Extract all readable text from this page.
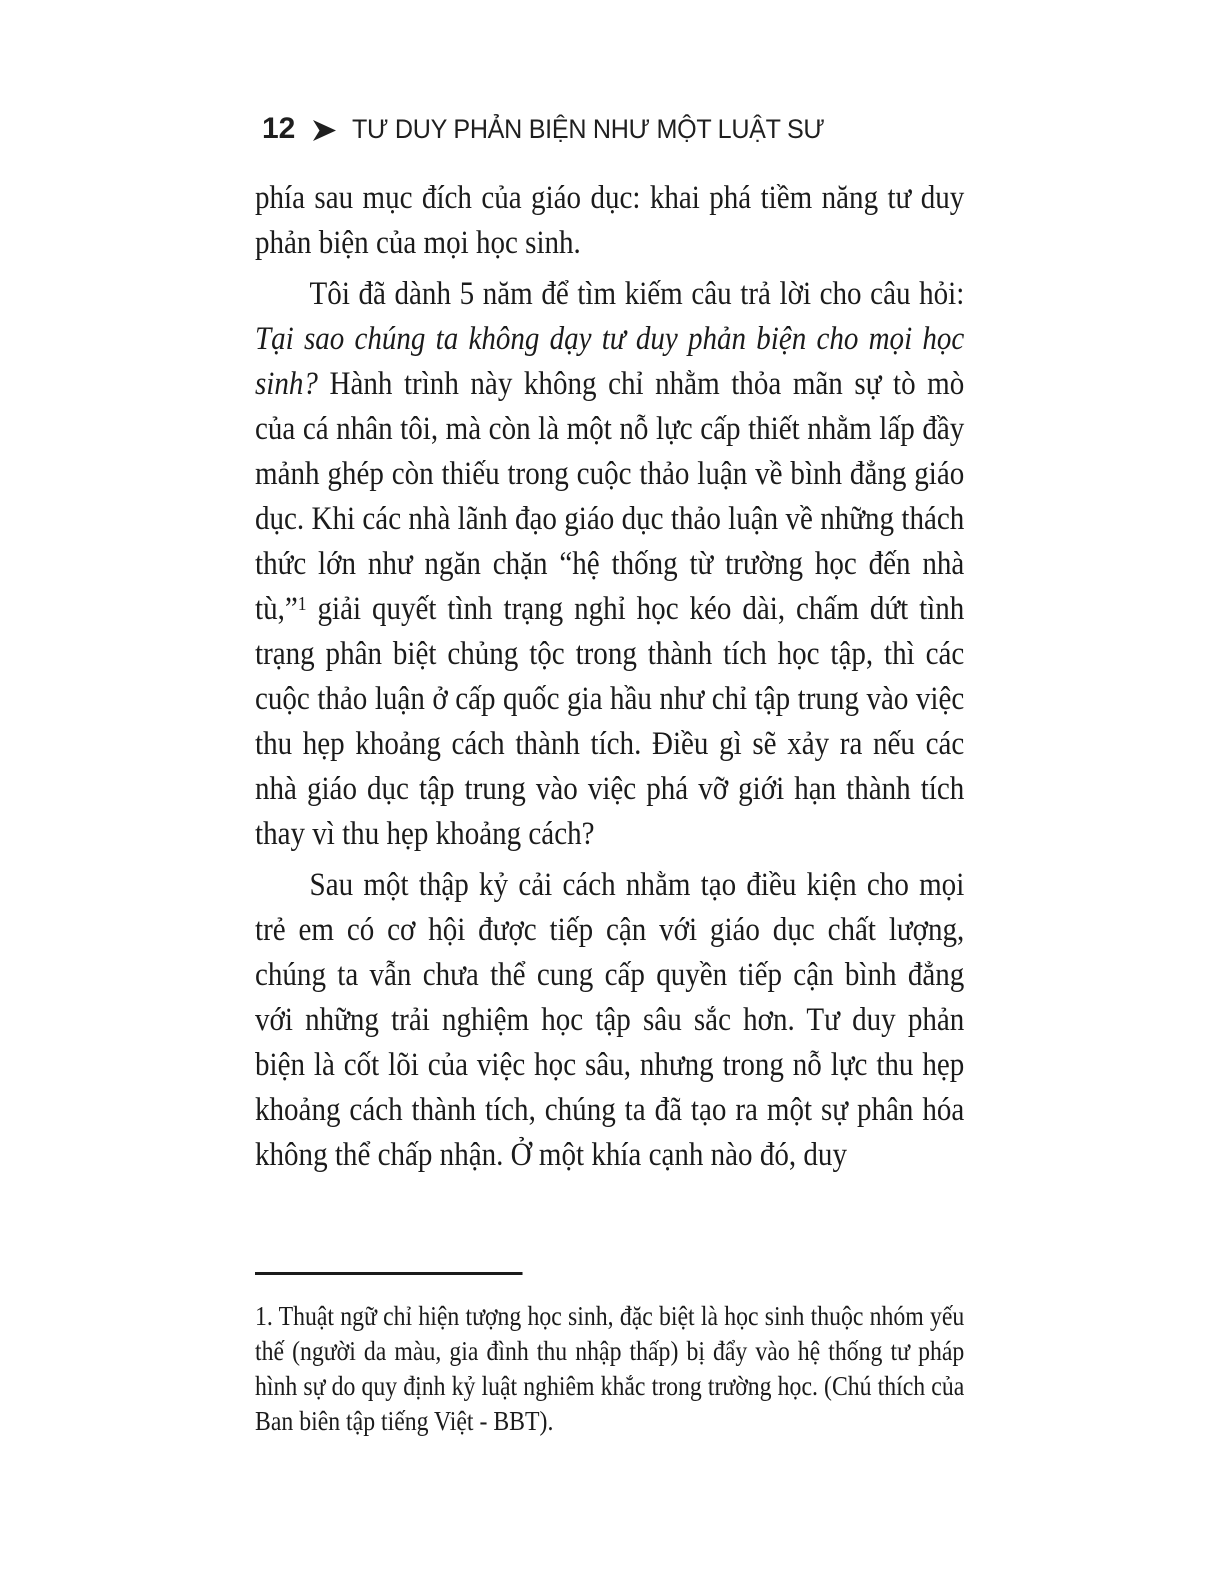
12 TƯ DUY PHẢN BIỆN NHƯ MỘT LUẬT SƯ

phía sau mục đích của giáo dục: khai phá tiềm năng tư duy phản biện của mọi học sinh.

Tôi đã dành 5 năm để tìm kiếm câu trả lời cho câu hỏi: Tại sao chúng ta không dạy tư duy phản biện cho mọi học sinh? Hành trình này không chỉ nhằm thỏa mãn sự tò mò của cá nhân tôi, mà còn là một nỗ lực cấp thiết nhằm lấp đầy mảnh ghép còn thiếu trong cuộc thảo luận về bình đẳng giáo dục. Khi các nhà lãnh đạo giáo dục thảo luận về những thách thức lớn như ngăn chặn “hệ thống từ trường học đến nhà tù,”$^1$ giải quyết tình trạng nghỉ học kéo dài, chấm dứt tình trạng phân biệt chủng tộc trong thành tích học tập, thì các cuộc thảo luận ở cấp quốc gia hầu như chỉ tập trung vào việc thu hẹp khoảng cách thành tích. Điều gì sẽ xảy ra nếu các nhà giáo dục tập trung vào việc phá vỡ giới hạn thành tích thay vì thu hẹp khoảng cách?

Sau một thập kỷ cải cách nhằm tạo điều kiện cho mọi trẻ em có cơ hội được tiếp cận với giáo dục chất lượng, chúng ta vẫn chưa thể cung cấp quyền tiếp cận bình đẳng với những trải nghiệm học tập sâu sắc hơn. Tư duy phản biện là cốt lõi của việc học sâu, nhưng trong nỗ lực thu hẹp khoảng cách thành tích, chúng ta đã tạo ra một sự phân hóa không thể chấp nhận. Ở một khía cạnh nào đó, duy

1. Thuật ngữ chỉ hiện tượng học sinh, đặc biệt là học sinh thuộc nhóm yếu thế (người da màu, gia đình thu nhập thấp) bị đẩy vào hệ thống tư pháp hình sự do quy định kỷ luật nghiêm khắc trong trường học. (Chú thích của Ban biên tập tiếng Việt - BBT).
